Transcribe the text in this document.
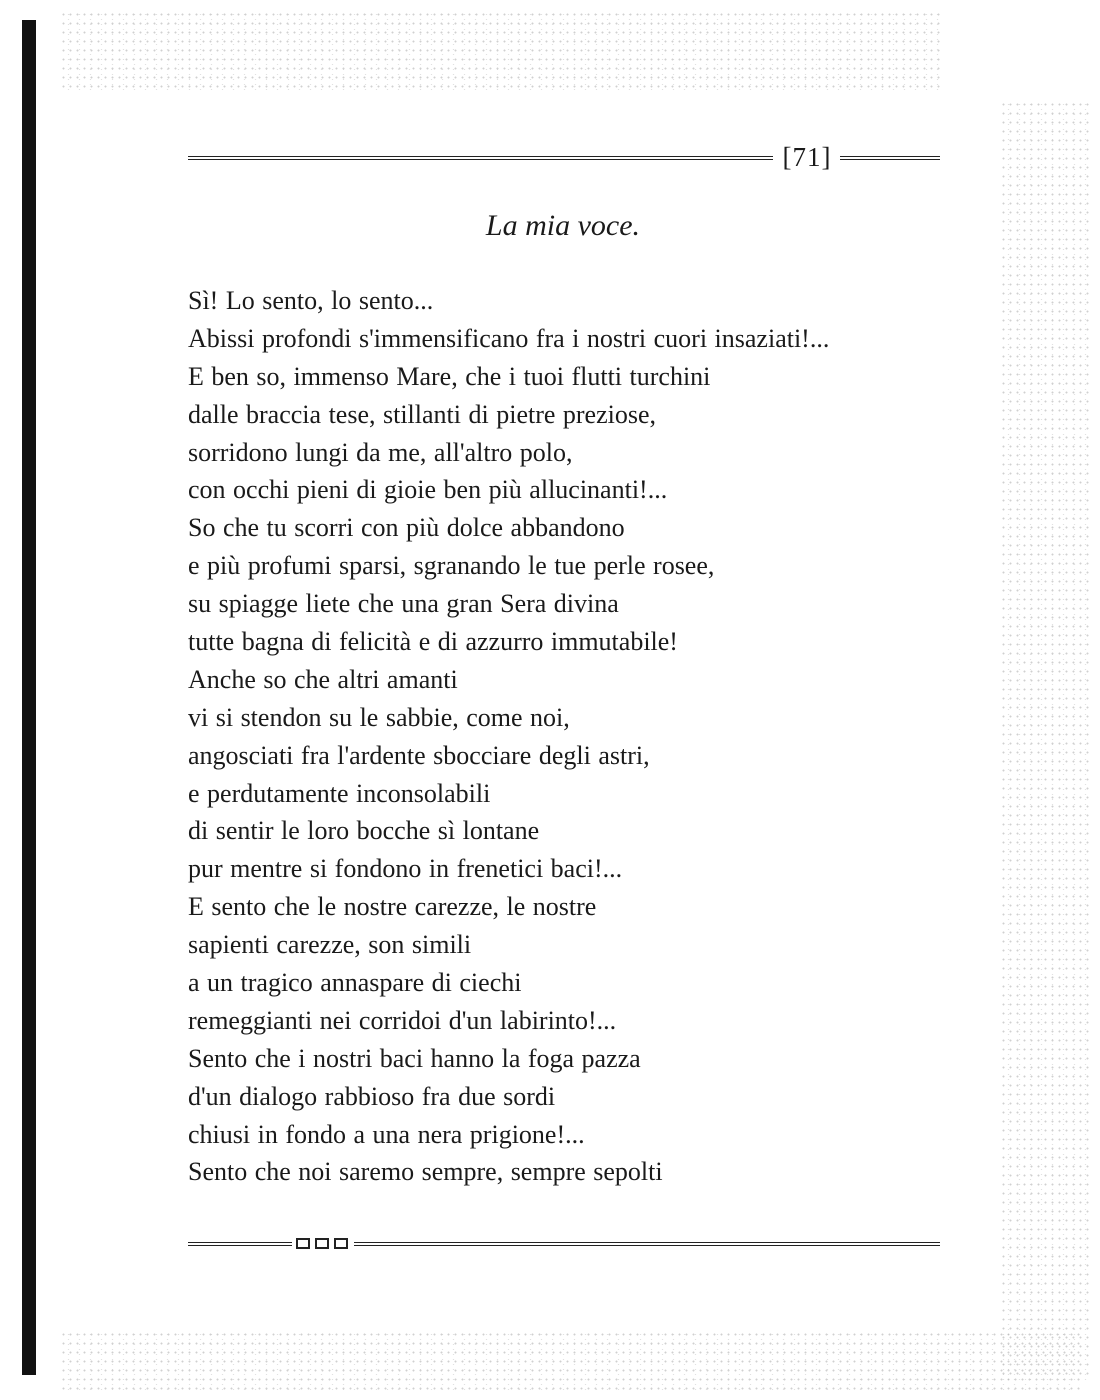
[71]
La mia voce.
Sì! Lo sento, lo sento...
Abissi profondi s'immensificano fra i nostri cuori insaziati!...
E ben so, immenso Mare, che i tuoi flutti turchini
dalle braccia tese, stillanti di pietre preziose,
sorridono lungi da me, all'altro polo,
con occhi pieni di gioie ben più allucinanti!...
So che tu scorri con più dolce abbandono
e più profumi sparsi, sgranando le tue perle rosee,
su spiagge liete che una gran Sera divina
tutte bagna di felicità e di azzurro immutabile!
Anche so che altri amanti
vi si stendon su le sabbie, come noi,
angosciati fra l'ardente sbocciare degli astri,
e perdutamente inconsolabili
di sentir le loro bocche sì lontane
pur mentre si fondono in frenetici baci!...
E sento che le nostre carezze, le nostre
sapienti carezze, son simili
a un tragico annaspare di ciechi
remeggianti nei corridoi d'un labirinto!...
Sento che i nostri baci hanno la foga pazza
d'un dialogo rabbioso fra due sordi
chiusi in fondo a una nera prigione!...
Sento che noi saremo sempre, sempre sepolti
